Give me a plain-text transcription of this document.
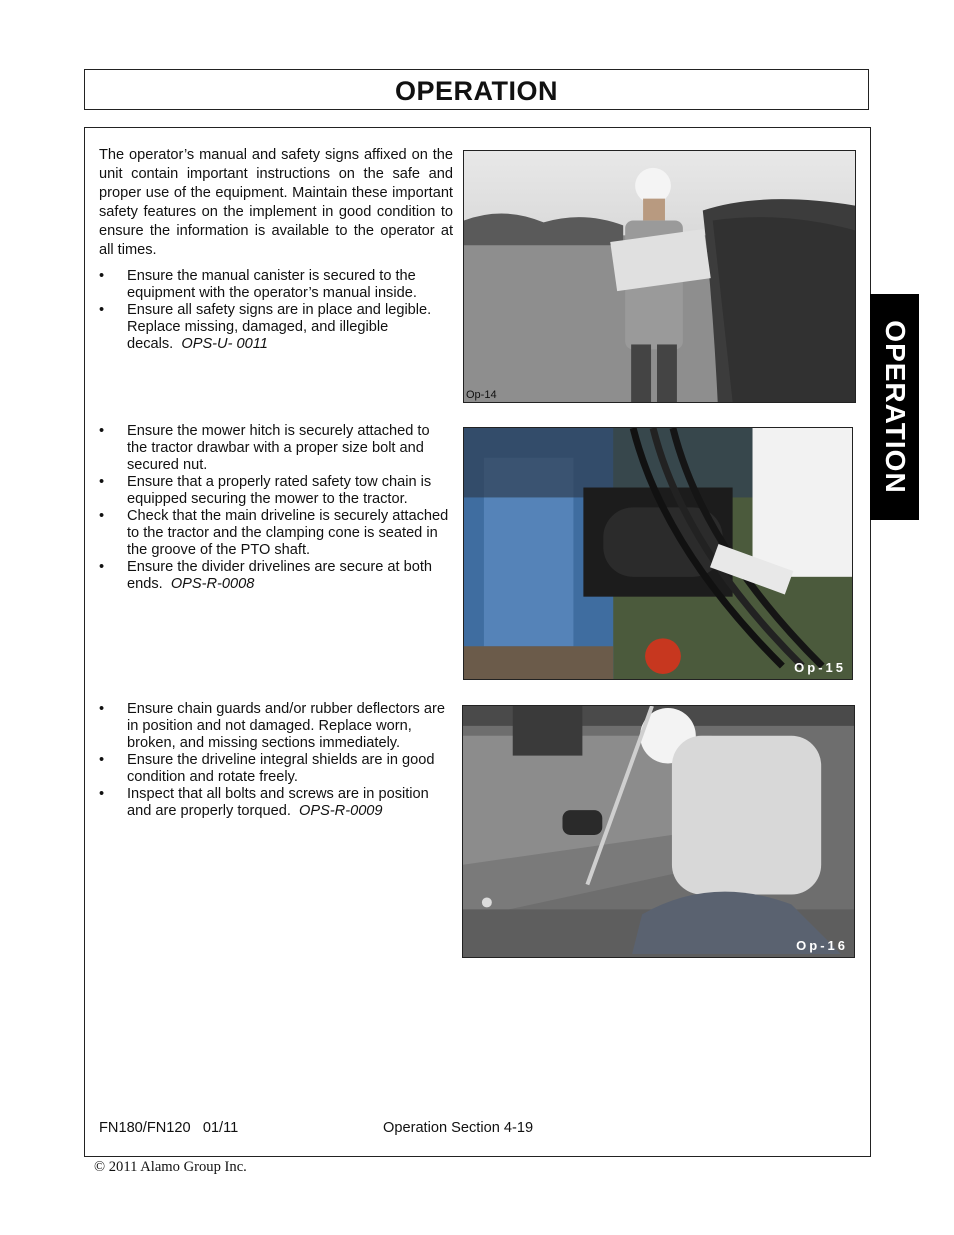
OPERATION
OPERATION
The operator’s manual and safety signs affixed on the unit contain important instructions on the safe and proper use of the equipment. Maintain these important safety features on the implement in good condition to ensure the information is available to the operator at all times.
• Ensure the manual canister is secured to the equipment with the operator’s manual inside.
• Ensure all safety signs are in place and legible. Replace missing, damaged, and illegible decals. OPS-U- 0011
Op-14
• Ensure the mower hitch is securely attached to the tractor drawbar with a proper size bolt and secured nut.
• Ensure that a properly rated safety tow chain is equipped securing the mower to the tractor.
• Check that the main driveline is securely attached to the tractor and the clamping cone is seated in the groove of the PTO shaft.
• Ensure the divider drivelines are secure at both ends. OPS-R-0008
Op-15
• Ensure chain guards and/or rubber deflectors are in position and not damaged. Replace worn, broken, and missing sections immediately.
• Ensure the driveline integral shields are in good condition and rotate freely.
• Inspect that all bolts and screws are in position and are properly torqued. OPS-R-0009
Op-16
FN180/FN120   01/11	Operation Section 4-19
© 2011 Alamo Group Inc.
